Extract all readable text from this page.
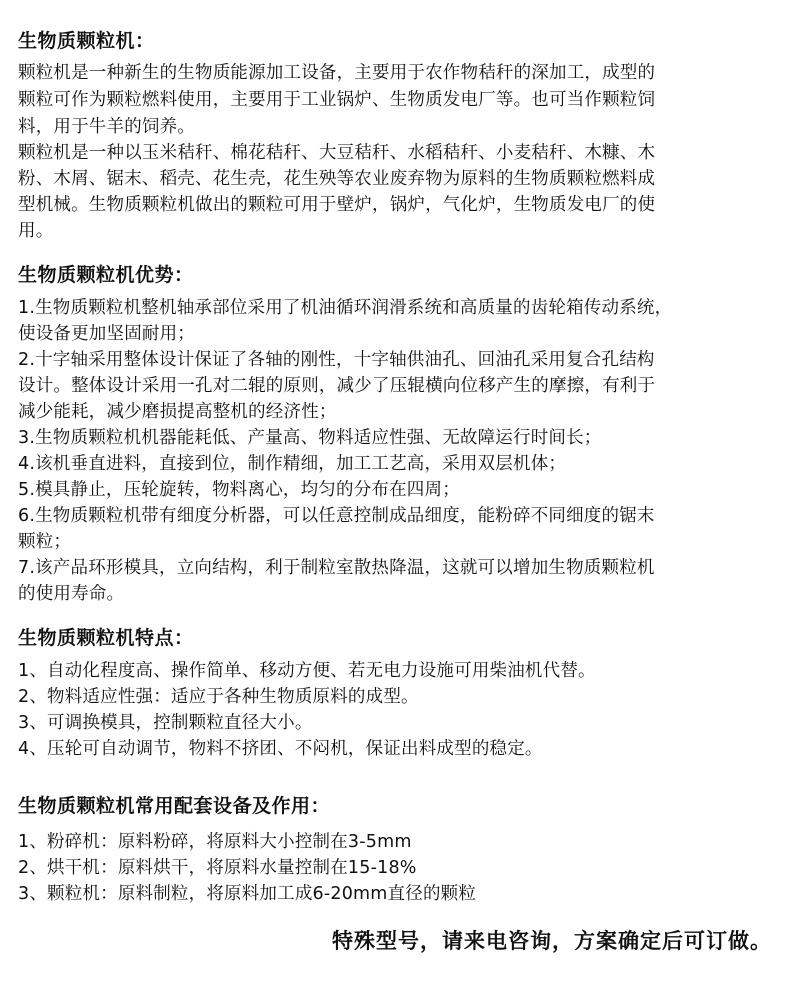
生物质颗粒机：
颗粒机是一种新生的生物质能源加工设备，主要用于农作物秸秆的深加工，成型的
颗粒可作为颗粒燃料使用，主要用于工业锅炉、生物质发电厂等。也可当作颗粒饲
料，用于牛羊的饲养。
颗粒机是一种以玉米秸秆、棉花秸秆、大豆秸秆、水稻秸秆、小麦秸秆、木糠、木
粉、木屑、锯末、稻壳、花生壳，花生殃等农业废弃物为原料的生物质颗粒燃料成
型机械。生物质颗粒机做出的颗粒可用于壁炉，锅炉，气化炉，生物质发电厂的使
用。
生物质颗粒机优势：
1.生物质颗粒机整机轴承部位采用了机油循环润滑系统和高质量的齿轮箱传动系统，
使设备更加坚固耐用；
2.十字轴采用整体设计保证了各轴的刚性，十字轴供油孔、回油孔采用复合孔结构
设计。整体设计采用一孔对二辊的原则，减少了压辊横向位移产生的摩擦，有利于
减少能耗，减少磨损提高整机的经济性；
3.生物质颗粒机机器能耗低、产量高、物料适应性强、无故障运行时间长；
4.该机垂直进料，直接到位，制作精细，加工工艺高，采用双层机体；
5.模具静止，压轮旋转，物料离心，均匀的分布在四周；
6.生物质颗粒机带有细度分析器，可以任意控制成品细度，能粉碎不同细度的锯末
颗粒；
7.该产品环形模具，立向结构，利于制粒室散热降温，这就可以增加生物质颗粒机
的使用寿命。
生物质颗粒机特点：
1、自动化程度高、操作简单、移动方便、若无电力设施可用柴油机代替。
2、物料适应性强：适应于各种生物质原料的成型。
3、可调换模具，控制颗粒直径大小。
4、压轮可自动调节，物料不挤团、不闷机，保证出料成型的稳定。
生物质颗粒机常用配套设备及作用：
1、粉碎机：原料粉碎，将原料大小控制在3-5mm
2、烘干机：原料烘干，将原料水量控制在15-18%
3、颗粒机：原料制粒，将原料加工成6-20mm直径的颗粒
特殊型号，请来电咨询，方案确定后可订做。
